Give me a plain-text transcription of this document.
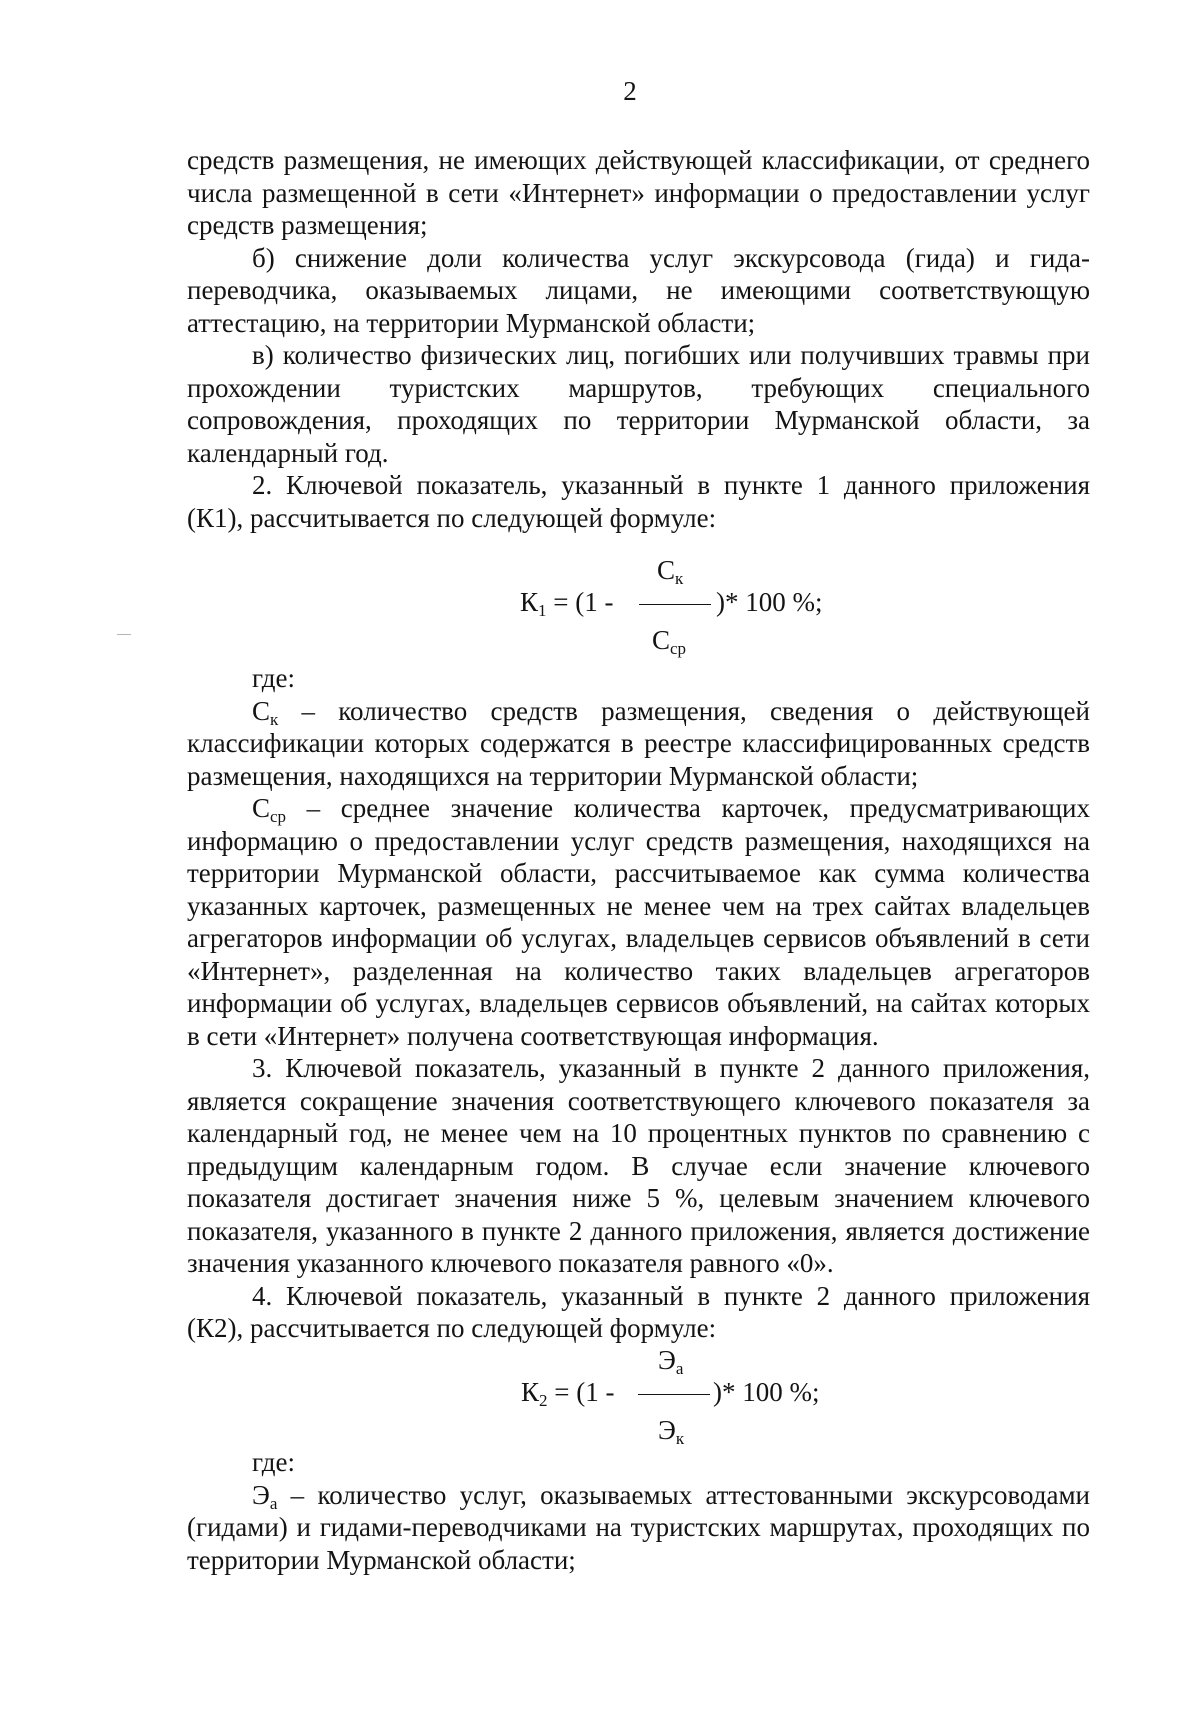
2

средств размещения, не имеющих действующей классификации, от среднего числа размещенной в сети «Интернет» информации о предоставлении услуг средств размещения;

б) снижение доли количества услуг экскурсовода (гида) и гида-переводчика, оказываемых лицами, не имеющими соответствующую аттестацию, на территории Мурманской области;

в) количество физических лиц, погибших или получивших травмы при прохождении туристских маршрутов, требующих специального сопровождения, проходящих по территории Мурманской области, за календарный год.

2. Ключевой показатель, указанный в пункте 1 данного приложения (К1), рассчитывается по следующей формуле:

$К_1 = (1$ -
$С_к$
$С_{ср}$
)* 100 %;

где:

$С_к$ – количество средств размещения, сведения о действующей классификации которых содержатся в реестре классифицированных средств размещения, находящихся на территории Мурманской области;

$С_{ср}$ – среднее значение количества карточек, предусматривающих информацию о предоставлении услуг средств размещения, находящихся на территории Мурманской области, рассчитываемое как сумма количества указанных карточек, размещенных не менее чем на трех сайтах владельцев агрегаторов информации об услугах, владельцев сервисов объявлений в сети «Интернет», разделенная на количество таких владельцев агрегаторов информации об услугах, владельцев сервисов объявлений, на сайтах которых в сети «Интернет» получена соответствующая информация.

3. Ключевой показатель, указанный в пункте 2 данного приложения, является сокращение значения соответствующего ключевого показателя за календарный год, не менее чем на 10 процентных пунктов по сравнению с предыдущим календарным годом. В случае если значение ключевого показателя достигает значения ниже 5 %, целевым значением ключевого показателя, указанного в пункте 2 данного приложения, является достижение значения указанного ключевого показателя равного «0».

4. Ключевой показатель, указанный в пункте 2 данного приложения (К2), рассчитывается по следующей формуле:

$К_2 = (1$ -
$Э_а$
$Э_к$
)* 100 %;

где:

$Э_а$ – количество услуг, оказываемых аттестованными экскурсоводами (гидами) и гидами-переводчиками на туристских маршрутах, проходящих по территории Мурманской области;
